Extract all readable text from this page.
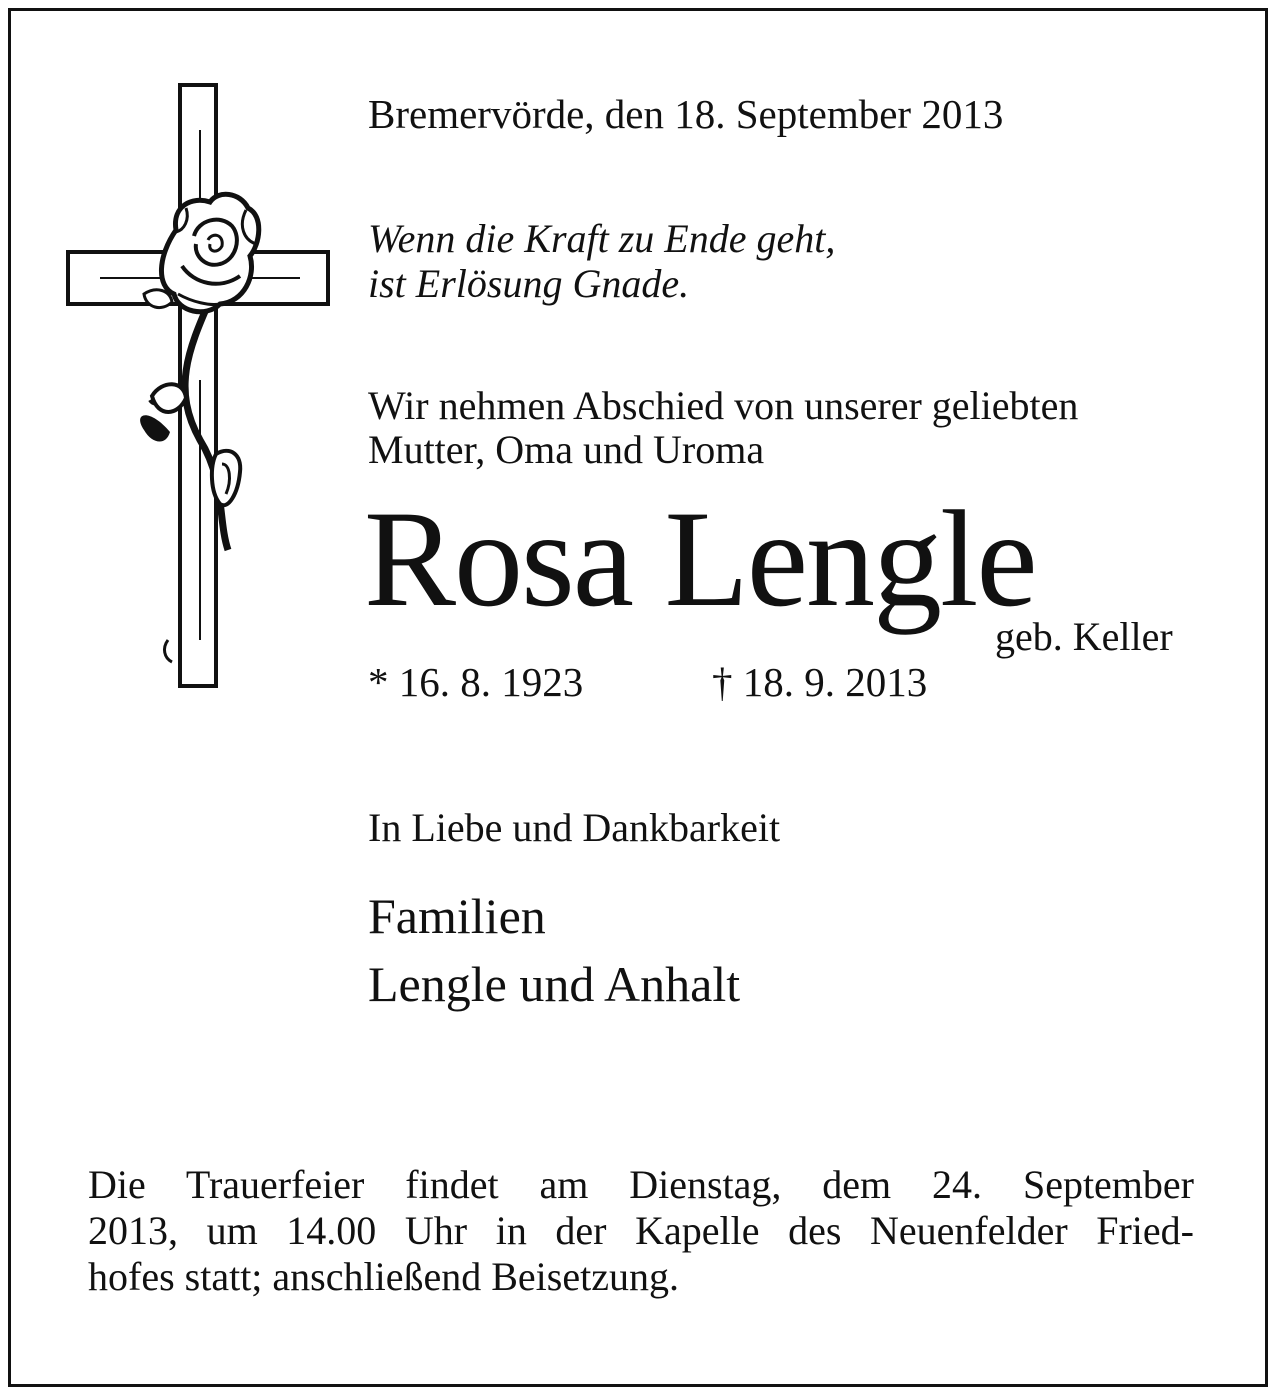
Bremervörde, den 18. September 2013

Wenn die Kraft zu Ende geht,
ist Erlösung Gnade.

Wir nehmen Abschied von unserer geliebten
Mutter, Oma und Uroma

Rosa Lengle

geb. Keller

* 16. 8. 1923	† 18. 9. 2013

In Liebe und Dankbarkeit

Familien
Lengle und Anhalt

Die Trauerfeier findet am Dienstag, dem 24. September
2013, um 14.00 Uhr in der Kapelle des Neuenfelder Fried-
hofes statt; anschließend Beisetzung.
